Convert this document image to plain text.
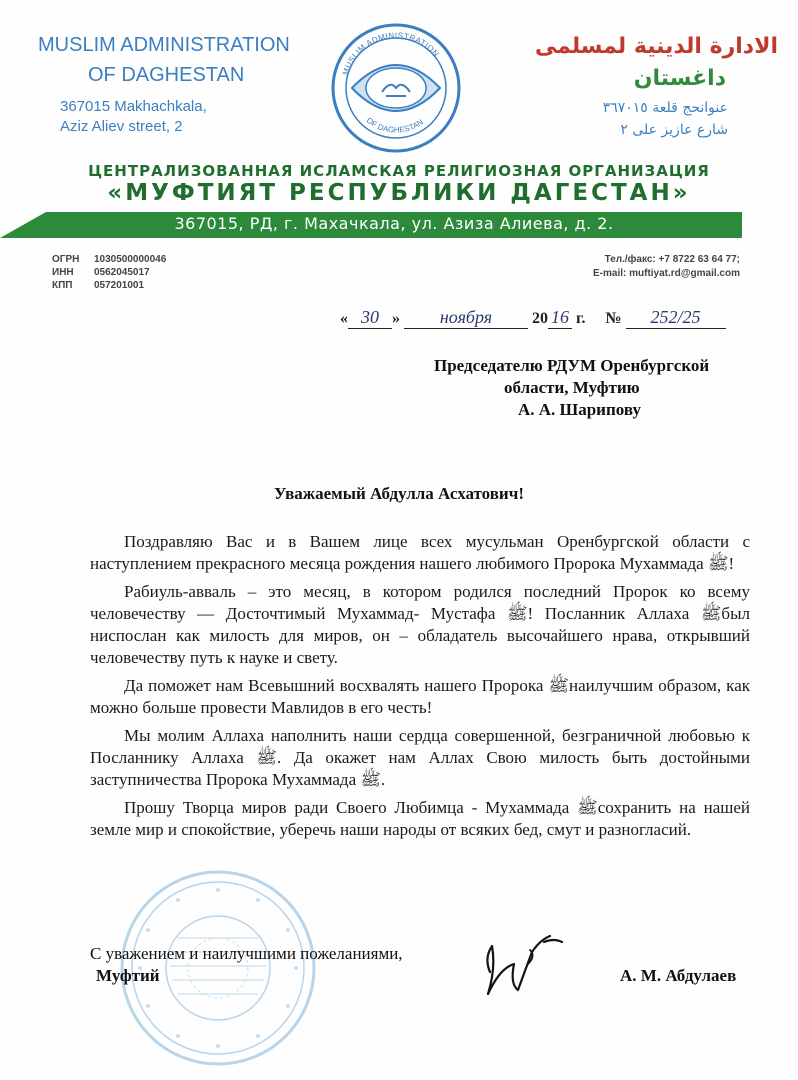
MUSLIM ADMINISTRATION
OF DAGHESTAN
367015 Makhachkala,
Aziz Aliev street, 2
MUSLIM ADMINISTRATION
OF DAGHESTAN
الادارة الدينية لمسلمى
داغستان
عنوانحج قلعة ٣٦٧٠١٥
شارع عازيز على ٢
ЦЕНТРАЛИЗОВАННАЯ ИСЛАМСКАЯ РЕЛИГИОЗНАЯ ОРГАНИЗАЦИЯ
«МУФТИЯТ РЕСПУБЛИКИ ДАГЕСТАН»
367015, РД, г. Махачкала, ул. Азиза Алиева, д. 2.
ОГРН	1030500000046
ИНН	0562045017
КПП	057201001
Тел./факс: +7 8722 63 64 77;
E-mail: muftiyat.rd@gmail.com
« 30 » ноября 20 16 г. № 252/25
Председателю РДУМ Оренбургской
области, Муфтию
А. А. Шарипову
Уважаемый Абдулла Асхатович!

Поздравляю Вас и в Вашем лице всех мусульман Оренбургской области с наступлением прекрасного месяца рождения нашего любимого Пророка Мухаммада ﷺ!

Рабиуль-авваль – это месяц, в котором родился последний Пророк ко всему человечеству — Досточтимый Мухаммад- Мустафа ﷺ! Посланник Аллаха ﷺбыл ниспослан как милость для миров, он – обладатель высочайшего нрава, открывший человечеству путь к науке и свету.

Да поможет нам Всевышний восхвалять нашего Пророка ﷺнаилучшим образом, как можно больше провести Мавлидов в его честь!

Мы молим Аллаха наполнить наши сердца совершенной, безграничной любовью к Посланнику Аллаха ﷺ. Да окажет нам Аллах Свою милость быть достойными заступничества Пророка Мухаммада ﷺ.

Прошу Творца миров ради Своего Любимца - Мухаммада ﷺсохранить на нашей земле мир и спокойствие, уберечь наши народы от всяких бед, смут и разногласий.

С уважением и наилучшими пожеланиями,
Муфтий	А. М. Абдулаев
